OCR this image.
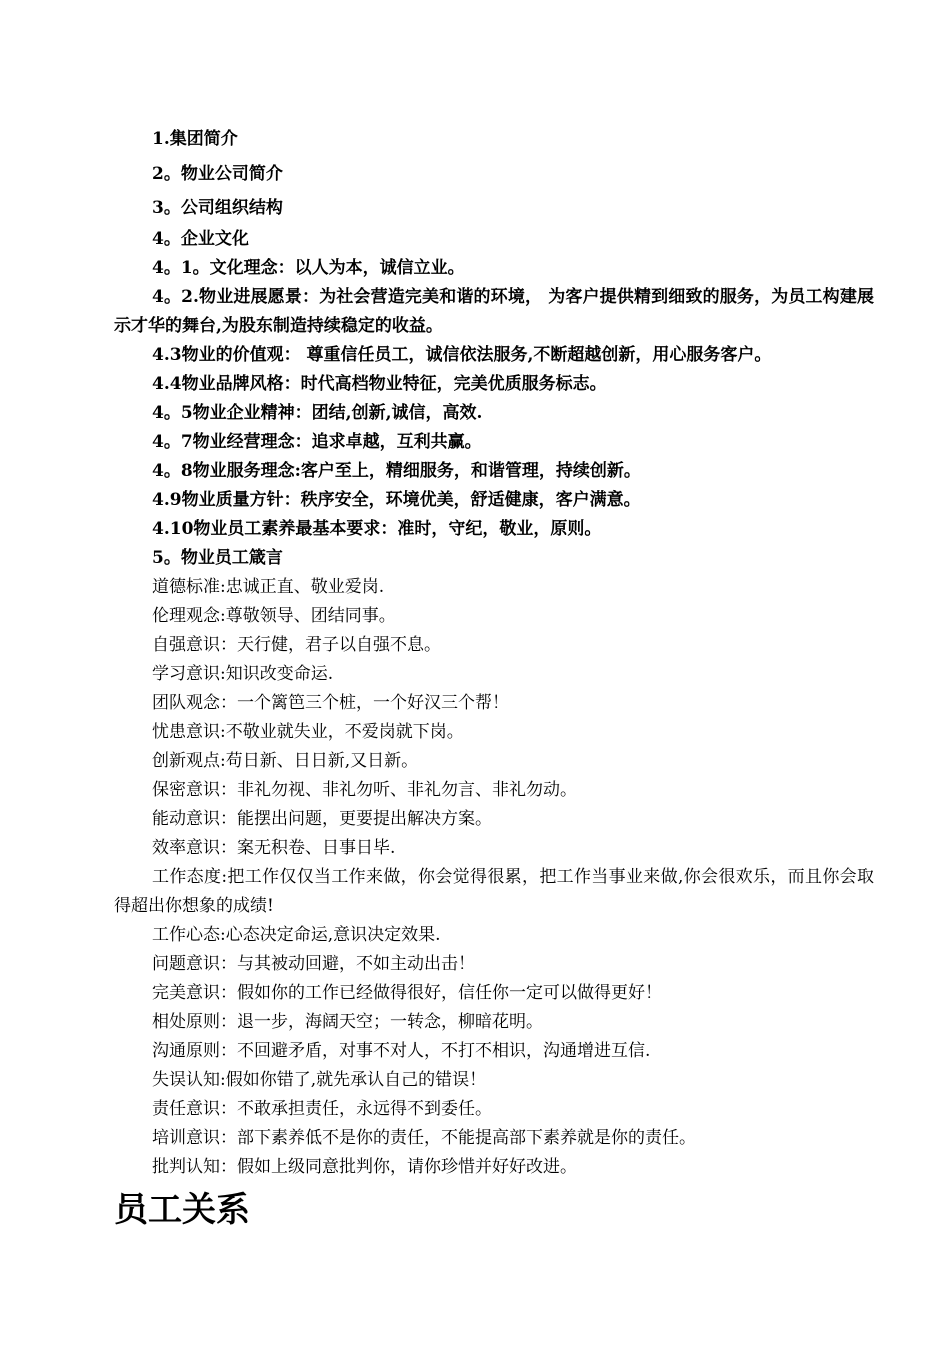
1.集团简介
2。物业公司简介
3。公司组织结构
4。企业文化
4。1。文化理念：以人为本，诚信立业。
4。2.物业进展愿景：为社会营造完美和谐的环境， 为客户提供精到细致的服务，为员工构建展示才华的舞台,为股东制造持续稳定的收益。
4.3物业的价值观： 尊重信任员工，诚信依法服务,不断超越创新，用心服务客户。
4.4物业品牌风格：时代高档物业特征，完美优质服务标志。
4。5物业企业精神：团结,创新,诚信，高效.
4。7物业经营理念：追求卓越，互利共赢。
4。8物业服务理念:客户至上，精细服务，和谐管理，持续创新。
4.9物业质量方针：秩序安全，环境优美，舒适健康，客户满意。
4.10物业员工素养最基本要求：准时，守纪，敬业，原则。
5。物业员工箴言
道德标准:忠诚正直、敬业爱岗.
伦理观念:尊敬领导、团结同事。
自强意识：天行健，君子以自强不息。
学习意识:知识改变命运.
团队观念：一个篱笆三个桩，一个好汉三个帮！
忧患意识:不敬业就失业，不爱岗就下岗。
创新观点:苟日新、日日新,又日新。
保密意识：非礼勿视、非礼勿听、非礼勿言、非礼勿动。
能动意识：能摆出问题，更要提出解决方案。
效率意识：案无积卷、日事日毕.
工作态度:把工作仅仅当工作来做，你会觉得很累，把工作当事业来做,你会很欢乐，而且你会取得超出你想象的成绩!
工作心态:心态决定命运,意识决定效果.
问题意识：与其被动回避，不如主动出击！
完美意识：假如你的工作已经做得很好，信任你一定可以做得更好！
相处原则：退一步，海阔天空；一转念，柳暗花明。
沟通原则：不回避矛盾，对事不对人，不打不相识，沟通增进互信.
失误认知:假如你错了,就先承认自己的错误！
责任意识：不敢承担责任，永远得不到委任。
培训意识：部下素养低不是你的责任，不能提高部下素养就是你的责任。
批判认知：假如上级同意批判你，请你珍惜并好好改进。
员工关系
